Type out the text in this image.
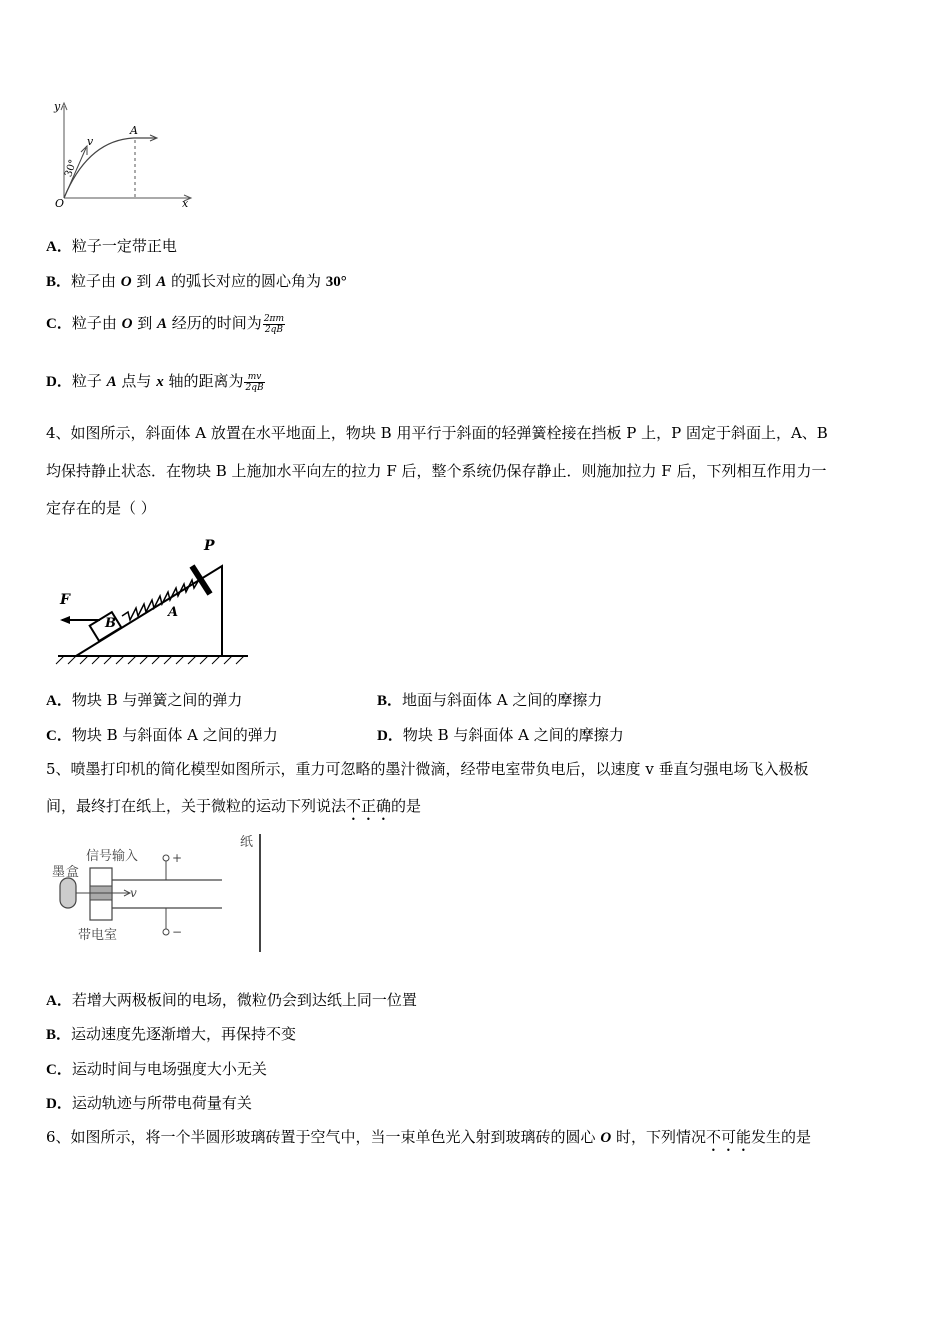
y
v
A
30°
O	x
A．粒子一定带正电
B．粒子由 O 到 A 的弧长对应的圆心角为 30°
C．粒子由 O 到 A 经历的时间为 $\frac{2\pi m}{2qB}$
D．粒子 A 点与 x 轴的距离为 $\frac{mv}{2qB}$
4、如图所示，斜面体 A 放置在水平地面上，物块 B 用平行于斜面的轻弹簧栓接在挡板 P 上，P 固定于斜面上，A、B
均保持静止状态．在物块 B 上施加水平向左的拉力 F 后，整个系统仍保存静止．则施加拉力 F 后，下列相互作用力一
定存在的是（ ）
P
F
B
A
A．物块 B 与弹簧之间的弹力	B．地面与斜面体 A 之间的摩擦力
C．物块 B 与斜面体 A 之间的弹力	D．物块 B 与斜面体 A 之间的摩擦力
5、喷墨打印机的简化模型如图所示，重力可忽略的墨汁微滴，经带电室带负电后，以速度 v 垂直匀强电场飞入极板
间，最终打在纸上，关于微粒的运动下列说法不正确的是
信号输入	+
墨 盒
v
带电室	−
纸
A．若增大两极板间的电场，微粒仍会到达纸上同一位置
B．运动速度先逐渐增大，再保持不变
C．运动时间与电场强度大小无关
D．运动轨迹与所带电荷量有关
6、如图所示，将一个半圆形玻璃砖置于空气中，当一束单色光入射到玻璃砖的圆心 O 时，下列情况不可能发生的是
